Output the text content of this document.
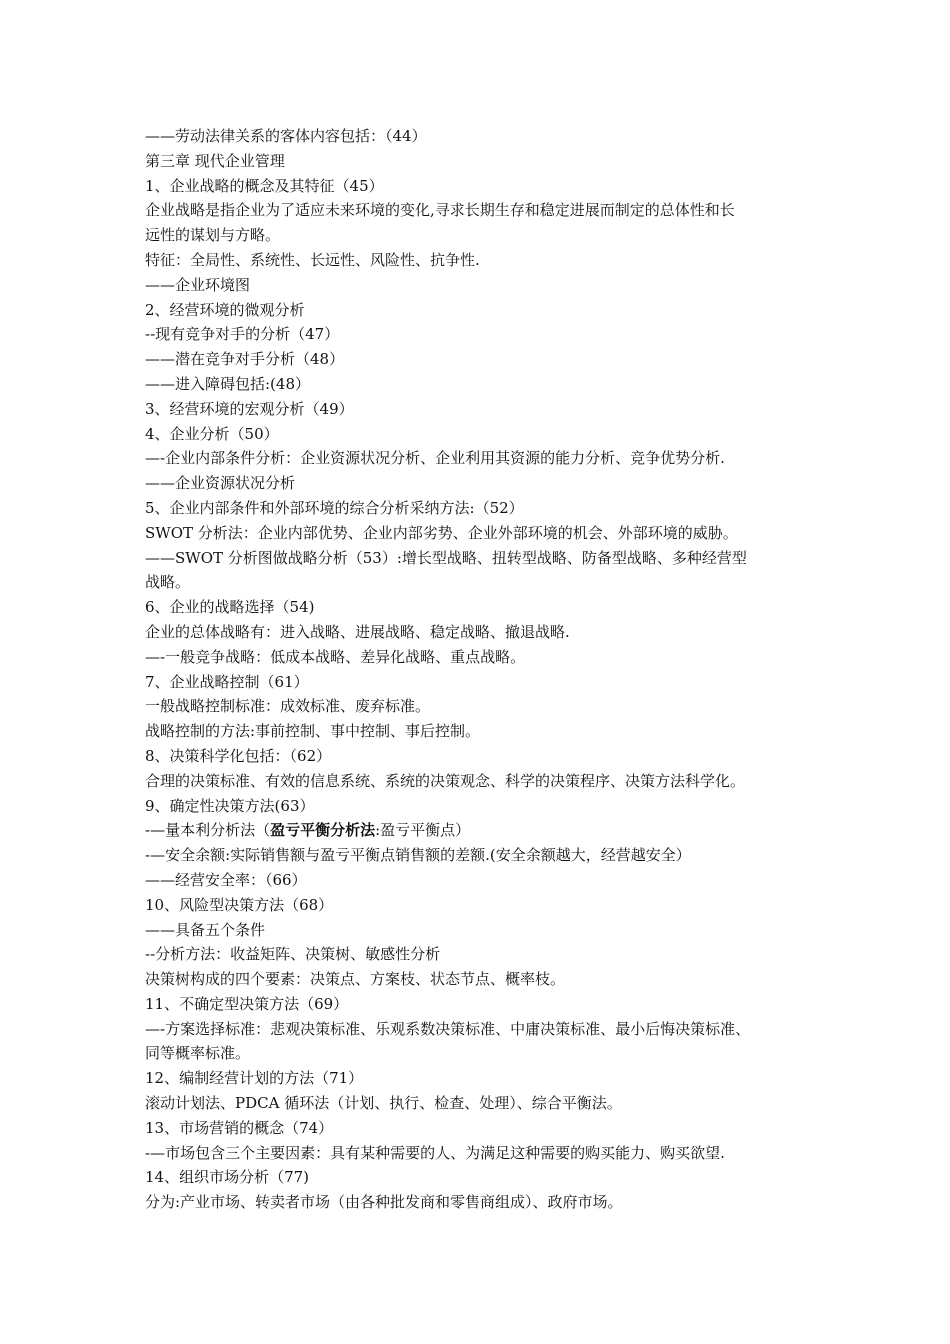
——劳动法律关系的客体内容包括：（44）
第三章 现代企业管理
1、企业战略的概念及其特征（45）
企业战略是指企业为了适应未来环境的变化,寻求长期生存和稳定进展而制定的总体性和长
远性的谋划与方略。
特征：全局性、系统性、长远性、风险性、抗争性.
——企业环境图
2、经营环境的微观分析
--现有竞争对手的分析（47）
——潜在竞争对手分析（48）
——进入障碍包括:(48）
3、经营环境的宏观分析（49）
4、企业分析（50）
—-企业内部条件分析：企业资源状况分析、企业利用其资源的能力分析、竞争优势分析.
——企业资源状况分析
5、企业内部条件和外部环境的综合分析采纳方法:（52）
SWOT 分析法：企业内部优势、企业内部劣势、企业外部环境的机会、外部环境的威胁。
——SWOT 分析图做战略分析（53）:增长型战略、扭转型战略、防备型战略、多种经营型
战略。
6、企业的战略选择（54)
企业的总体战略有：进入战略、进展战略、稳定战略、撤退战略.
—-一般竞争战略：低成本战略、差异化战略、重点战略。
7、企业战略控制（61）
一般战略控制标准：成效标准、废弃标准。
战略控制的方法:事前控制、事中控制、事后控制。
8、决策科学化包括：（62）
合理的决策标准、有效的信息系统、系统的决策观念、科学的决策程序、决策方法科学化。
9、确定性决策方法(63）
-—量本利分析法（盈亏平衡分析法:盈亏平衡点）
-—安全余额:实际销售额与盈亏平衡点销售额的差额.(安全余额越大，经营越安全）
——经营安全率：（66）
10、风险型决策方法（68）
——具备五个条件
--分析方法：收益矩阵、决策树、敏感性分析
决策树构成的四个要素：决策点、方案枝、状态节点、概率枝。
11、不确定型决策方法（69）
—-方案选择标准：悲观决策标准、乐观系数决策标准、中庸决策标准、最小后悔决策标准、
同等概率标准。
12、编制经营计划的方法（71）
滚动计划法、PDCA 循环法（计划、执行、检查、处理）、综合平衡法。
13、市场营销的概念（74）
-—市场包含三个主要因素：具有某种需要的人、为满足这种需要的购买能力、购买欲望.
14、组织市场分析（77)
分为:产业市场、转卖者市场（由各种批发商和零售商组成）、政府市场。
